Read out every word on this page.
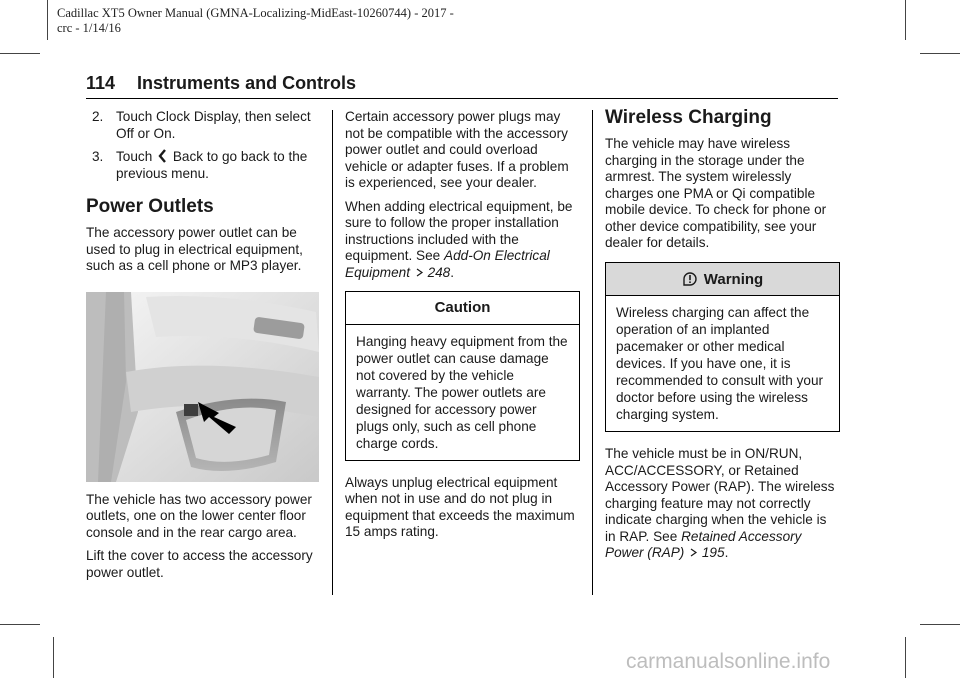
Cadillac XT5 Owner Manual (GMNA-Localizing-MidEast-10260744) - 2017 -
crc - 1/14/16
114 Instruments and Controls
2. Touch Clock Display, then select Off or On.
3. Touch Back to go back to the previous menu.
Power Outlets

The accessory power outlet can be used to plug in electrical equipment, such as a cell phone or MP3 player.

The vehicle has two accessory power outlets, one on the lower center floor console and in the rear cargo area.

Lift the cover to access the accessory power outlet.

Certain accessory power plugs may not be compatible with the accessory power outlet and could overload vehicle or adapter fuses. If a problem is experienced, see your dealer.

When adding electrical equipment, be sure to follow the proper installation instructions included with the equipment. See Add-On Electrical Equipment 248.

Caution
Hanging heavy equipment from the power outlet can cause damage not covered by the vehicle warranty. The power outlets are designed for accessory power plugs only, such as cell phone charge cords.

Always unplug electrical equipment when not in use and do not plug in equipment that exceeds the maximum 15 amps rating.

Wireless Charging

The vehicle may have wireless charging in the storage under the armrest. The system wirelessly charges one PMA or Qi compatible mobile device. To check for phone or other device compatibility, see your dealer for details.

Warning
Wireless charging can affect the operation of an implanted pacemaker or other medical devices. If you have one, it is recommended to consult with your doctor before using the wireless charging system.

The vehicle must be in ON/RUN, ACC/ACCESSORY, or Retained Accessory Power (RAP). The wireless charging feature may not correctly indicate charging when the vehicle is in RAP. See Retained Accessory Power (RAP) 195.

carmanualsonline.info
